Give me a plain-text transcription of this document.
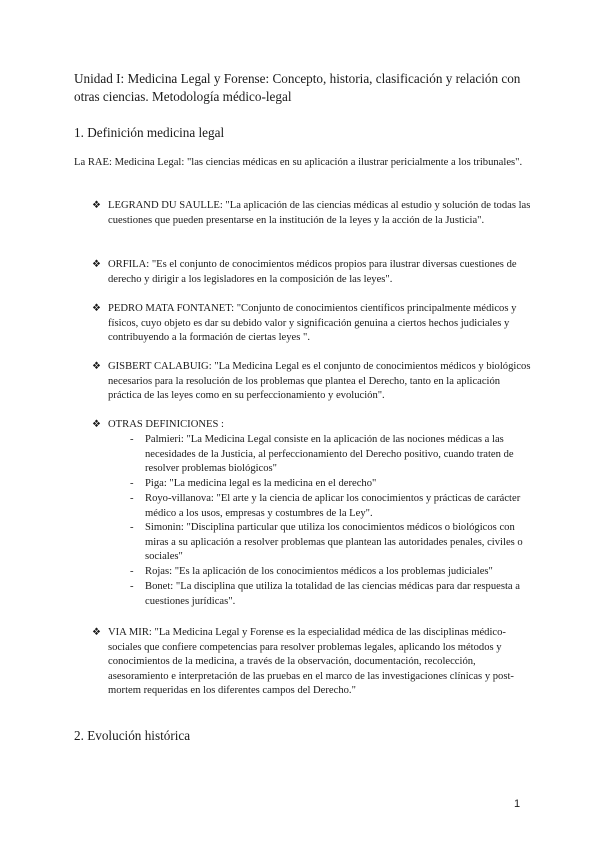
Unidad I: Medicina Legal y Forense: Concepto, historia, clasificación y relación con otras ciencias. Metodología médico-legal
1. Definición medicina legal
La RAE: Medicina Legal: "las ciencias médicas en su aplicación a ilustrar pericialmente a los tribunales".
❖ LEGRAND DU SAULLE: "La aplicación de las ciencias médicas al estudio y solución de todas las cuestiones que pueden presentarse en la institución de la leyes y la acción de la Justicia".
❖ ORFILA: "Es el conjunto de conocimientos médicos propios para ilustrar diversas cuestiones de derecho y dirigir a los legisladores en la composición de las leyes".
❖ PEDRO MATA FONTANET: "Conjunto de conocimientos científicos principalmente médicos y físicos, cuyo objeto es dar su debido valor y significación genuina a ciertos hechos judiciales y contribuyendo a la formación de ciertas leyes ".
❖ GISBERT CALABUIG: "La Medicina Legal es el conjunto de conocimientos médicos y biológicos necesarios para la resolución de los problemas que plantea el Derecho, tanto en la aplicación práctica de las leyes como en su perfeccionamiento y evolución".
❖ OTRAS DEFINICIONES :
-	Palmieri: "La Medicina Legal consiste en la aplicación de las nociones médicas a las necesidades de la Justicia, al perfeccionamiento del Derecho positivo, cuando traten de resolver problemas biológicos"
-	Piga: "La medicina legal es la medicina en el derecho"
-	Royo-villanova: "El arte y la ciencia de aplicar los conocimientos y prácticas de carácter médico a los usos, empresas y costumbres de la Ley".
-	Simonin: "Disciplina particular que utiliza los conocimientos médicos o biológicos con miras a su aplicación a resolver problemas que plantean las autoridades penales, civiles o sociales"
-	Rojas: "Es la aplicación de los conocimientos médicos a los problemas judiciales"
-	Bonet: "La disciplina que utiliza la totalidad de las ciencias médicas para dar respuesta a cuestiones jurídicas".
❖ VIA MIR: "La Medicina Legal y Forense es la especialidad médica de las disciplinas médico-sociales que confiere competencias para resolver problemas legales, aplicando los métodos y conocimientos de la medicina, a través de la observación, documentación, recolección, asesoramiento e interpretación de las pruebas en el marco de las investigaciones clínicas y post-mortem requeridas en los diferentes campos del Derecho."
2. Evolución histórica
1
